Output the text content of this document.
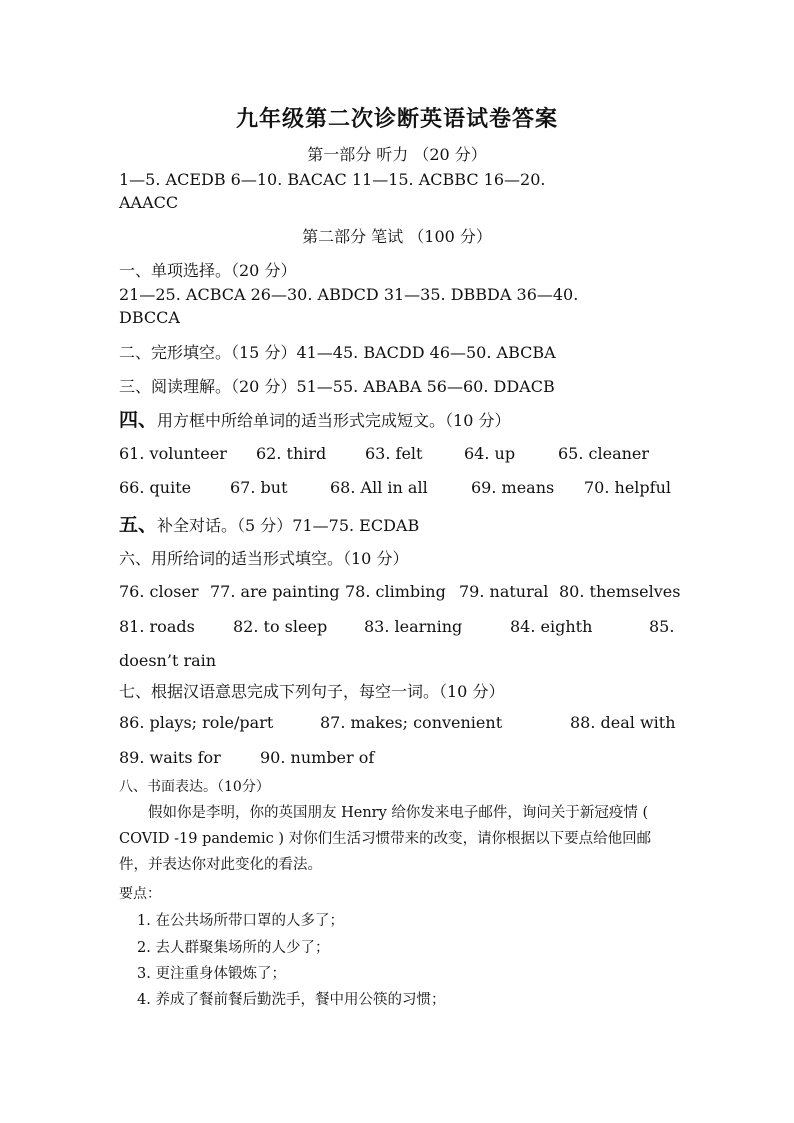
九年级第二次诊断英语试卷答案
第一部分 听力 （20 分）
1—5. ACEDB 6—10. BACAC 11—15. ACBBC 16—20.
AAACC
第二部分 笔试 （100 分）
一、单项选择。（20 分）
21—25. ACBCA 26—30. ABDCD 31—35. DBBDA 36—40.
DBCCA
二、完形填空。（15 分）41—45. BACDD 46—50. ABCBA
三、阅读理解。（20 分）51—55. ABABA 56—60. DDACB
四、用方框中所给单词的适当形式完成短文。（10 分）
61. volunteer 62. third 63. felt	64. up	65. cleaner
66. quite 67. but	68. All in all	69. means 70. helpful
五、补全对话。（5 分）71—75. ECDAB
六、用所给词的适当形式填空。（10 分）
76. closer 77. are painting 78. climbing 79. natural 80. themselves
81. roads 82. to sleep 83. learning	84. eighth	85.
doesn’t rain
七、根据汉语意思完成下列句子，每空一词。（10 分）
86. plays; role/part	87. makes; convenient	88. deal with
89. waits for 90. number of
八、书面表达。（10分）
假如你是李明，你的英国朋友 Henry 给你发来电子邮件，询问关于新冠疫情 ( COVID -19 pandemic ) 对你们生活习惯带来的改变，请你根据以下要点给他回邮件，并表达你对此变化的看法。
要点：
1. 在公共场所带口罩的人多了；
2. 去人群聚集场所的人少了；
3. 更注重身体锻炼了；
4. 养成了餐前餐后勤洗手，餐中用公筷的习惯；
